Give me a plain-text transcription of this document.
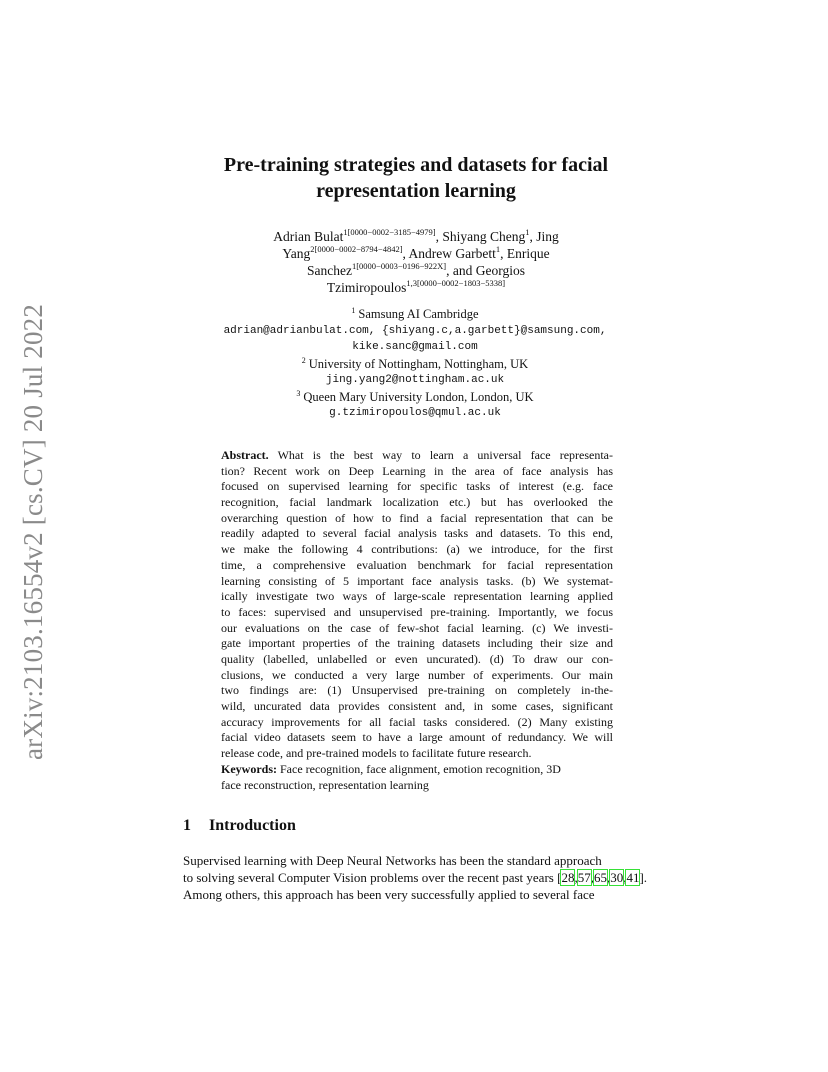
arXiv:2103.16554v2 [cs.CV] 20 Jul 2022
Pre-training strategies and datasets for facial
representation learning
Adrian Bulat$^{1[0000-0002-3185-4979]}$, Shiyang Cheng$^1$, Jing
Yang$^{2[0000-0002-8794-4842]}$, Andrew Garbett$^1$, Enrique
Sanchez$^{1[0000-0003-0196-922X]}$, and Georgios
Tzimiropoulos$^{1,3[0000-0002-1803-5338]}$
$^1$ Samsung AI Cambridge
adrian@adrianbulat.com, {shiyang.c,a.garbett}@samsung.com,
kike.sanc@gmail.com
$^2$ University of Nottingham, Nottingham, UK
jing.yang2@nottingham.ac.uk
$^3$ Queen Mary University London, London, UK
g.tzimiropoulos@qmul.ac.uk
Abstract. What is the best way to learn a universal face representa-
tion? Recent work on Deep Learning in the area of face analysis has
focused on supervised learning for specific tasks of interest (e.g. face
recognition, facial landmark localization etc.) but has overlooked the
overarching question of how to find a facial representation that can be
readily adapted to several facial analysis tasks and datasets. To this end,
we make the following 4 contributions: (a) we introduce, for the first
time, a comprehensive evaluation benchmark for facial representation
learning consisting of 5 important face analysis tasks. (b) We systemat-
ically investigate two ways of large-scale representation learning applied
to faces: supervised and unsupervised pre-training. Importantly, we focus
our evaluations on the case of few-shot facial learning. (c) We investi-
gate important properties of the training datasets including their size and
quality (labelled, unlabelled or even uncurated). (d) To draw our con-
clusions, we conducted a very large number of experiments. Our main
two findings are: (1) Unsupervised pre-training on completely in-the-
wild, uncurated data provides consistent and, in some cases, significant
accuracy improvements for all facial tasks considered. (2) Many existing
facial video datasets seem to have a large amount of redundancy. We will
release code, and pre-trained models to facilitate future research.
Keywords: Face recognition, face alignment, emotion recognition, 3D
face reconstruction, representation learning
1 Introduction
Supervised learning with Deep Neural Networks has been the standard approach
to solving several Computer Vision problems over the recent past years [28,57,65,30,41].
Among others, this approach has been very successfully applied to several face
